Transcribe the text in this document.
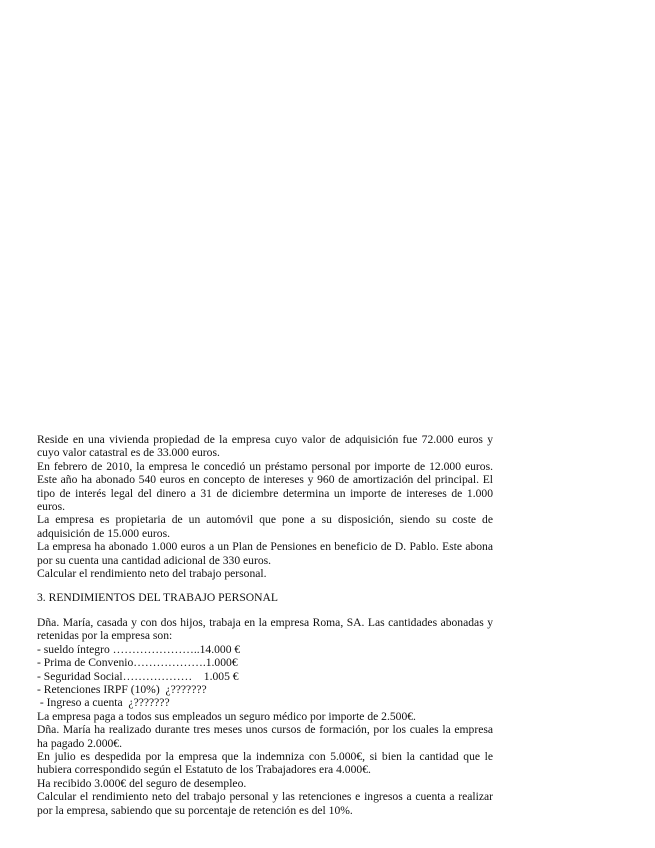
Reside en una vivienda propiedad de la empresa cuyo valor de adquisición fue 72.000 euros y cuyo valor catastral es de 33.000 euros.

En febrero de 2010, la empresa le concedió un préstamo personal por importe de 12.000 euros. Este año ha abonado 540 euros en concepto de intereses y 960 de amortización del principal. El tipo de interés legal del dinero a 31 de diciembre determina un importe de intereses de 1.000 euros.

La empresa es propietaria de un automóvil que pone a su disposición, siendo su coste de adquisición de 15.000 euros.

La empresa ha abonado 1.000 euros a un Plan de Pensiones en beneficio de D. Pablo. Este abona por su cuenta una cantidad adicional de 330 euros.

Calcular el rendimiento neto del trabajo personal.

3. RENDIMIENTOS DEL TRABAJO PERSONAL

Dña. María, casada y con dos hijos, trabaja en la empresa Roma, SA. Las cantidades abonadas y retenidas por la empresa son:

- sueldo íntegro …………………..14.000 €
- Prima de Convenio……………….1.000€
- Seguridad Social………………    1.005 €
- Retenciones IRPF (10%)  ¿???????
- Ingreso a cuenta  ¿???????

La empresa paga a todos sus empleados un seguro médico por importe de 2.500€.

Dña. María ha realizado durante tres meses unos cursos de formación, por los cuales la empresa ha pagado 2.000€.

En julio es despedida por la empresa que la indemniza con 5.000€, si bien la cantidad que le hubiera correspondido según el Estatuto de los Trabajadores era 4.000€.

Ha recibido 3.000€ del seguro de desempleo.

Calcular el rendimiento neto del trabajo personal y las retenciones e ingresos a cuenta a realizar por la empresa, sabiendo que su porcentaje de retención es del 10%.
